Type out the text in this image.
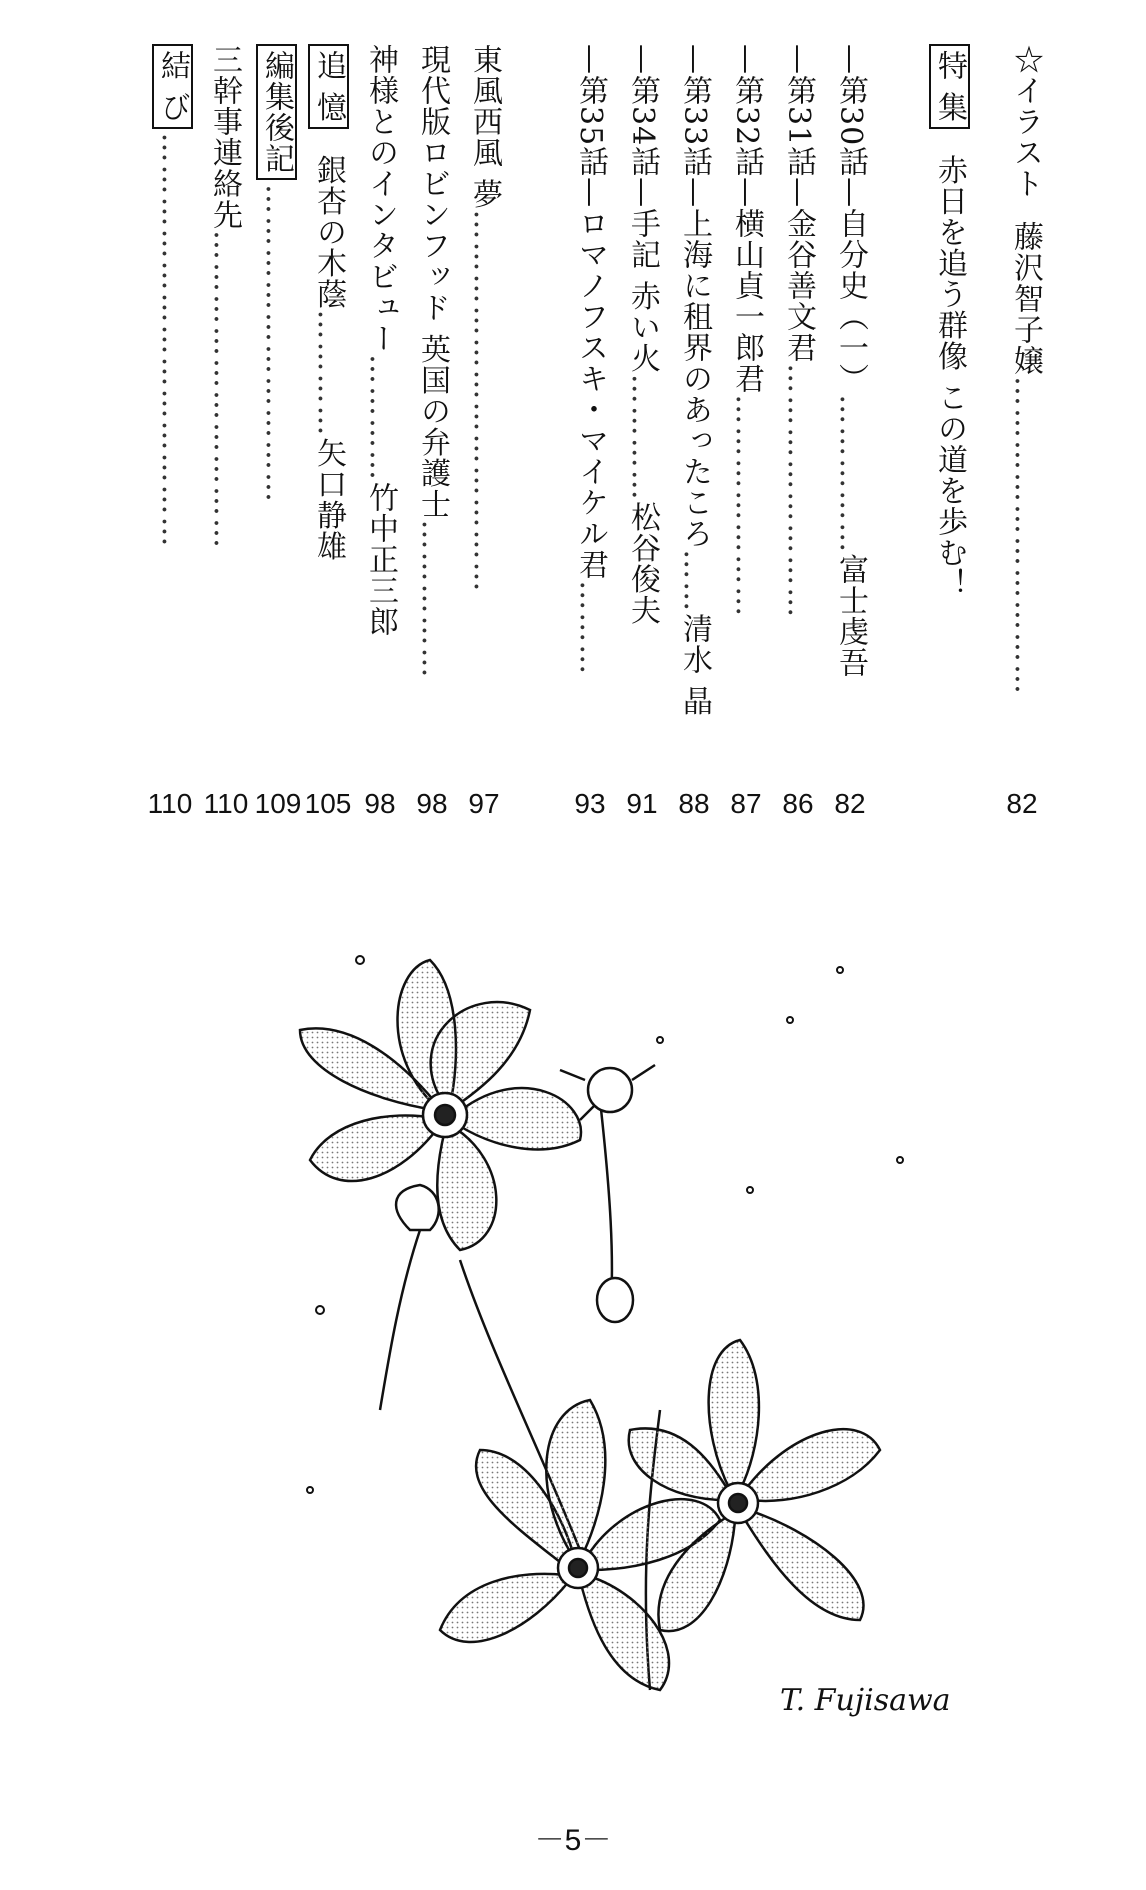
☆イラスト藤沢智子嬢…………………………
82
特 集赤日を追う群像 この道を歩む！
—第30話—自分史（一）……………富士虔吾
82
—第31話—金谷善文君……………………
86
—第32話—横山貞一郎君…………………
87
—第33話—上海に租界のあったころ……清水 晶
88
—第34話—手記 赤い火…………松谷俊夫
91
—第35話—ロマノフスキ・マイケル君………
93
東風西風 夢………………………………
97
現代版ロビンフッド 英国の弁護士……………
98
神様とのインタビュー…………竹中正三郎
98
追 憶銀杏の木蔭…………矢口静雄
105
編集後記…………………………
109
三幹事連絡先…………………………
110
結 び…………………………………
110
T. Fujisawa
－5－
